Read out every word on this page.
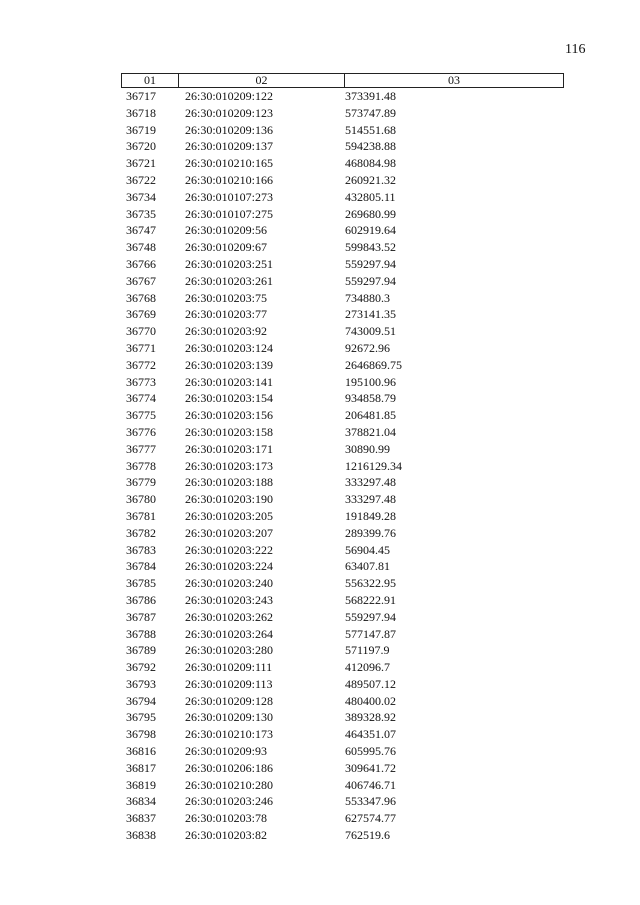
116
01	02	03
36717	26:30:010209:122	373391.48
36718	26:30:010209:123	573747.89
36719	26:30:010209:136	514551.68
36720	26:30:010209:137	594238.88
36721	26:30:010210:165	468084.98
36722	26:30:010210:166	260921.32
36734	26:30:010107:273	432805.11
36735	26:30:010107:275	269680.99
36747	26:30:010209:56	602919.64
36748	26:30:010209:67	599843.52
36766	26:30:010203:251	559297.94
36767	26:30:010203:261	559297.94
36768	26:30:010203:75	734880.3
36769	26:30:010203:77	273141.35
36770	26:30:010203:92	743009.51
36771	26:30:010203:124	92672.96
36772	26:30:010203:139	2646869.75
36773	26:30:010203:141	195100.96
36774	26:30:010203:154	934858.79
36775	26:30:010203:156	206481.85
36776	26:30:010203:158	378821.04
36777	26:30:010203:171	30890.99
36778	26:30:010203:173	1216129.34
36779	26:30:010203:188	333297.48
36780	26:30:010203:190	333297.48
36781	26:30:010203:205	191849.28
36782	26:30:010203:207	289399.76
36783	26:30:010203:222	56904.45
36784	26:30:010203:224	63407.81
36785	26:30:010203:240	556322.95
36786	26:30:010203:243	568222.91
36787	26:30:010203:262	559297.94
36788	26:30:010203:264	577147.87
36789	26:30:010203:280	571197.9
36792	26:30:010209:111	412096.7
36793	26:30:010209:113	489507.12
36794	26:30:010209:128	480400.02
36795	26:30:010209:130	389328.92
36798	26:30:010210:173	464351.07
36816	26:30:010209:93	605995.76
36817	26:30:010206:186	309641.72
36819	26:30:010210:280	406746.71
36834	26:30:010203:246	553347.96
36837	26:30:010203:78	627574.77
36838	26:30:010203:82	762519.6
